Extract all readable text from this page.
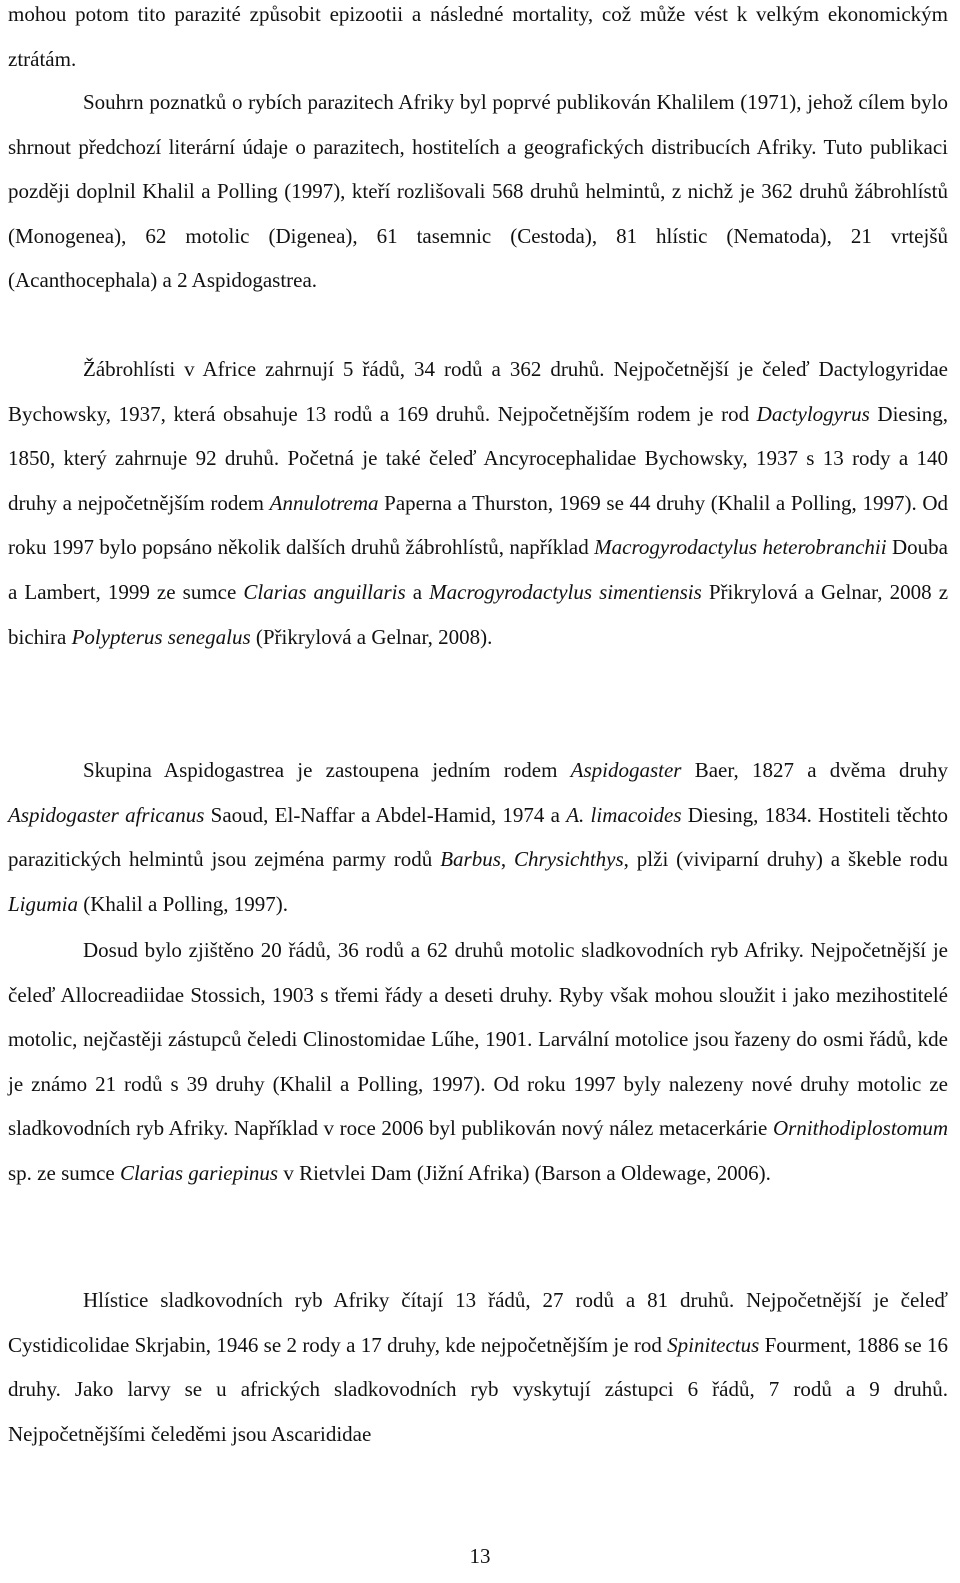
mohou potom tito parazité způsobit epizootii a následné mortality, což může vést k velkým ekonomickým ztrátám.

Souhrn poznatků o rybích parazitech Afriky byl poprvé publikován Khalilem (1971), jehož cílem bylo shrnout předchozí literární údaje o parazitech, hostitelích a geografických distribucích Afriky. Tuto publikaci později doplnil Khalil a Polling (1997), kteří rozlišovali 568 druhů helmintů, z nichž je 362 druhů žábrohlístů (Monogenea), 62 motolic (Digenea), 61 tasemnic (Cestoda), 81 hlístic (Nematoda), 21 vrtejšů (Acanthocephala) a 2 Aspidogastrea.

Žábrohlísti v Africe zahrnují 5 řádů, 34 rodů a 362 druhů. Nejpočetnější je čeleď Dactylogyridae Bychowsky, 1937, která obsahuje 13 rodů a 169 druhů. Nejpočetnějším rodem je rod Dactylogyrus Diesing, 1850, který zahrnuje 92 druhů. Početná je také čeleď Ancyrocephalidae Bychowsky, 1937 s 13 rody a 140 druhy a nejpočetnějším rodem Annulotrema Paperna a Thurston, 1969 se 44 druhy (Khalil a Polling, 1997). Od roku 1997 bylo popsáno několik dalších druhů žábrohlístů, například Macrogyrodactylus heterobranchii Douba a Lambert, 1999 ze sumce Clarias anguillaris a Macrogyrodactylus simentiensis Přikrylová a Gelnar, 2008 z bichira Polypterus senegalus (Přikrylová a Gelnar, 2008).

Skupina Aspidogastrea je zastoupena jedním rodem Aspidogaster Baer, 1827 a dvěma druhy Aspidogaster africanus Saoud, El-Naffar a Abdel-Hamid, 1974 a A. limacoides Diesing, 1834. Hostiteli těchto parazitických helmintů jsou zejména parmy rodů Barbus, Chrysichthys, plži (viviparní druhy) a škeble rodu Ligumia (Khalil a Polling, 1997).

Dosud bylo zjištěno 20 řádů, 36 rodů a 62 druhů motolic sladkovodních ryb Afriky. Nejpočetnější je čeleď Allocreadiidae Stossich, 1903 s třemi řády a deseti druhy. Ryby však mohou sloužit i jako mezihostitelé motolic, nejčastěji zástupců čeledi Clinostomidae Lűhe, 1901. Larvální motolice jsou řazeny do osmi řádů, kde je známo 21 rodů s 39 druhy (Khalil a Polling, 1997). Od roku 1997 byly nalezeny nové druhy motolic ze sladkovodních ryb Afriky. Například v roce 2006 byl publikován nový nález metacerkárie Ornithodiplostomum sp. ze sumce Clarias gariepinus v Rietvlei Dam (Jižní Afrika) (Barson a Oldewage, 2006).

Hlístice sladkovodních ryb Afriky čítají 13 řádů, 27 rodů a 81 druhů. Nejpočetnější je čeleď Cystidicolidae Skrjabin, 1946 se 2 rody a 17 druhy, kde nejpočetnějším je rod Spinitectus Fourment, 1886 se 16 druhy. Jako larvy se u afrických sladkovodních ryb vyskytují zástupci 6 řádů, 7 rodů a 9 druhů. Nejpočetnějšími čeleděmi jsou Ascarididae

13
